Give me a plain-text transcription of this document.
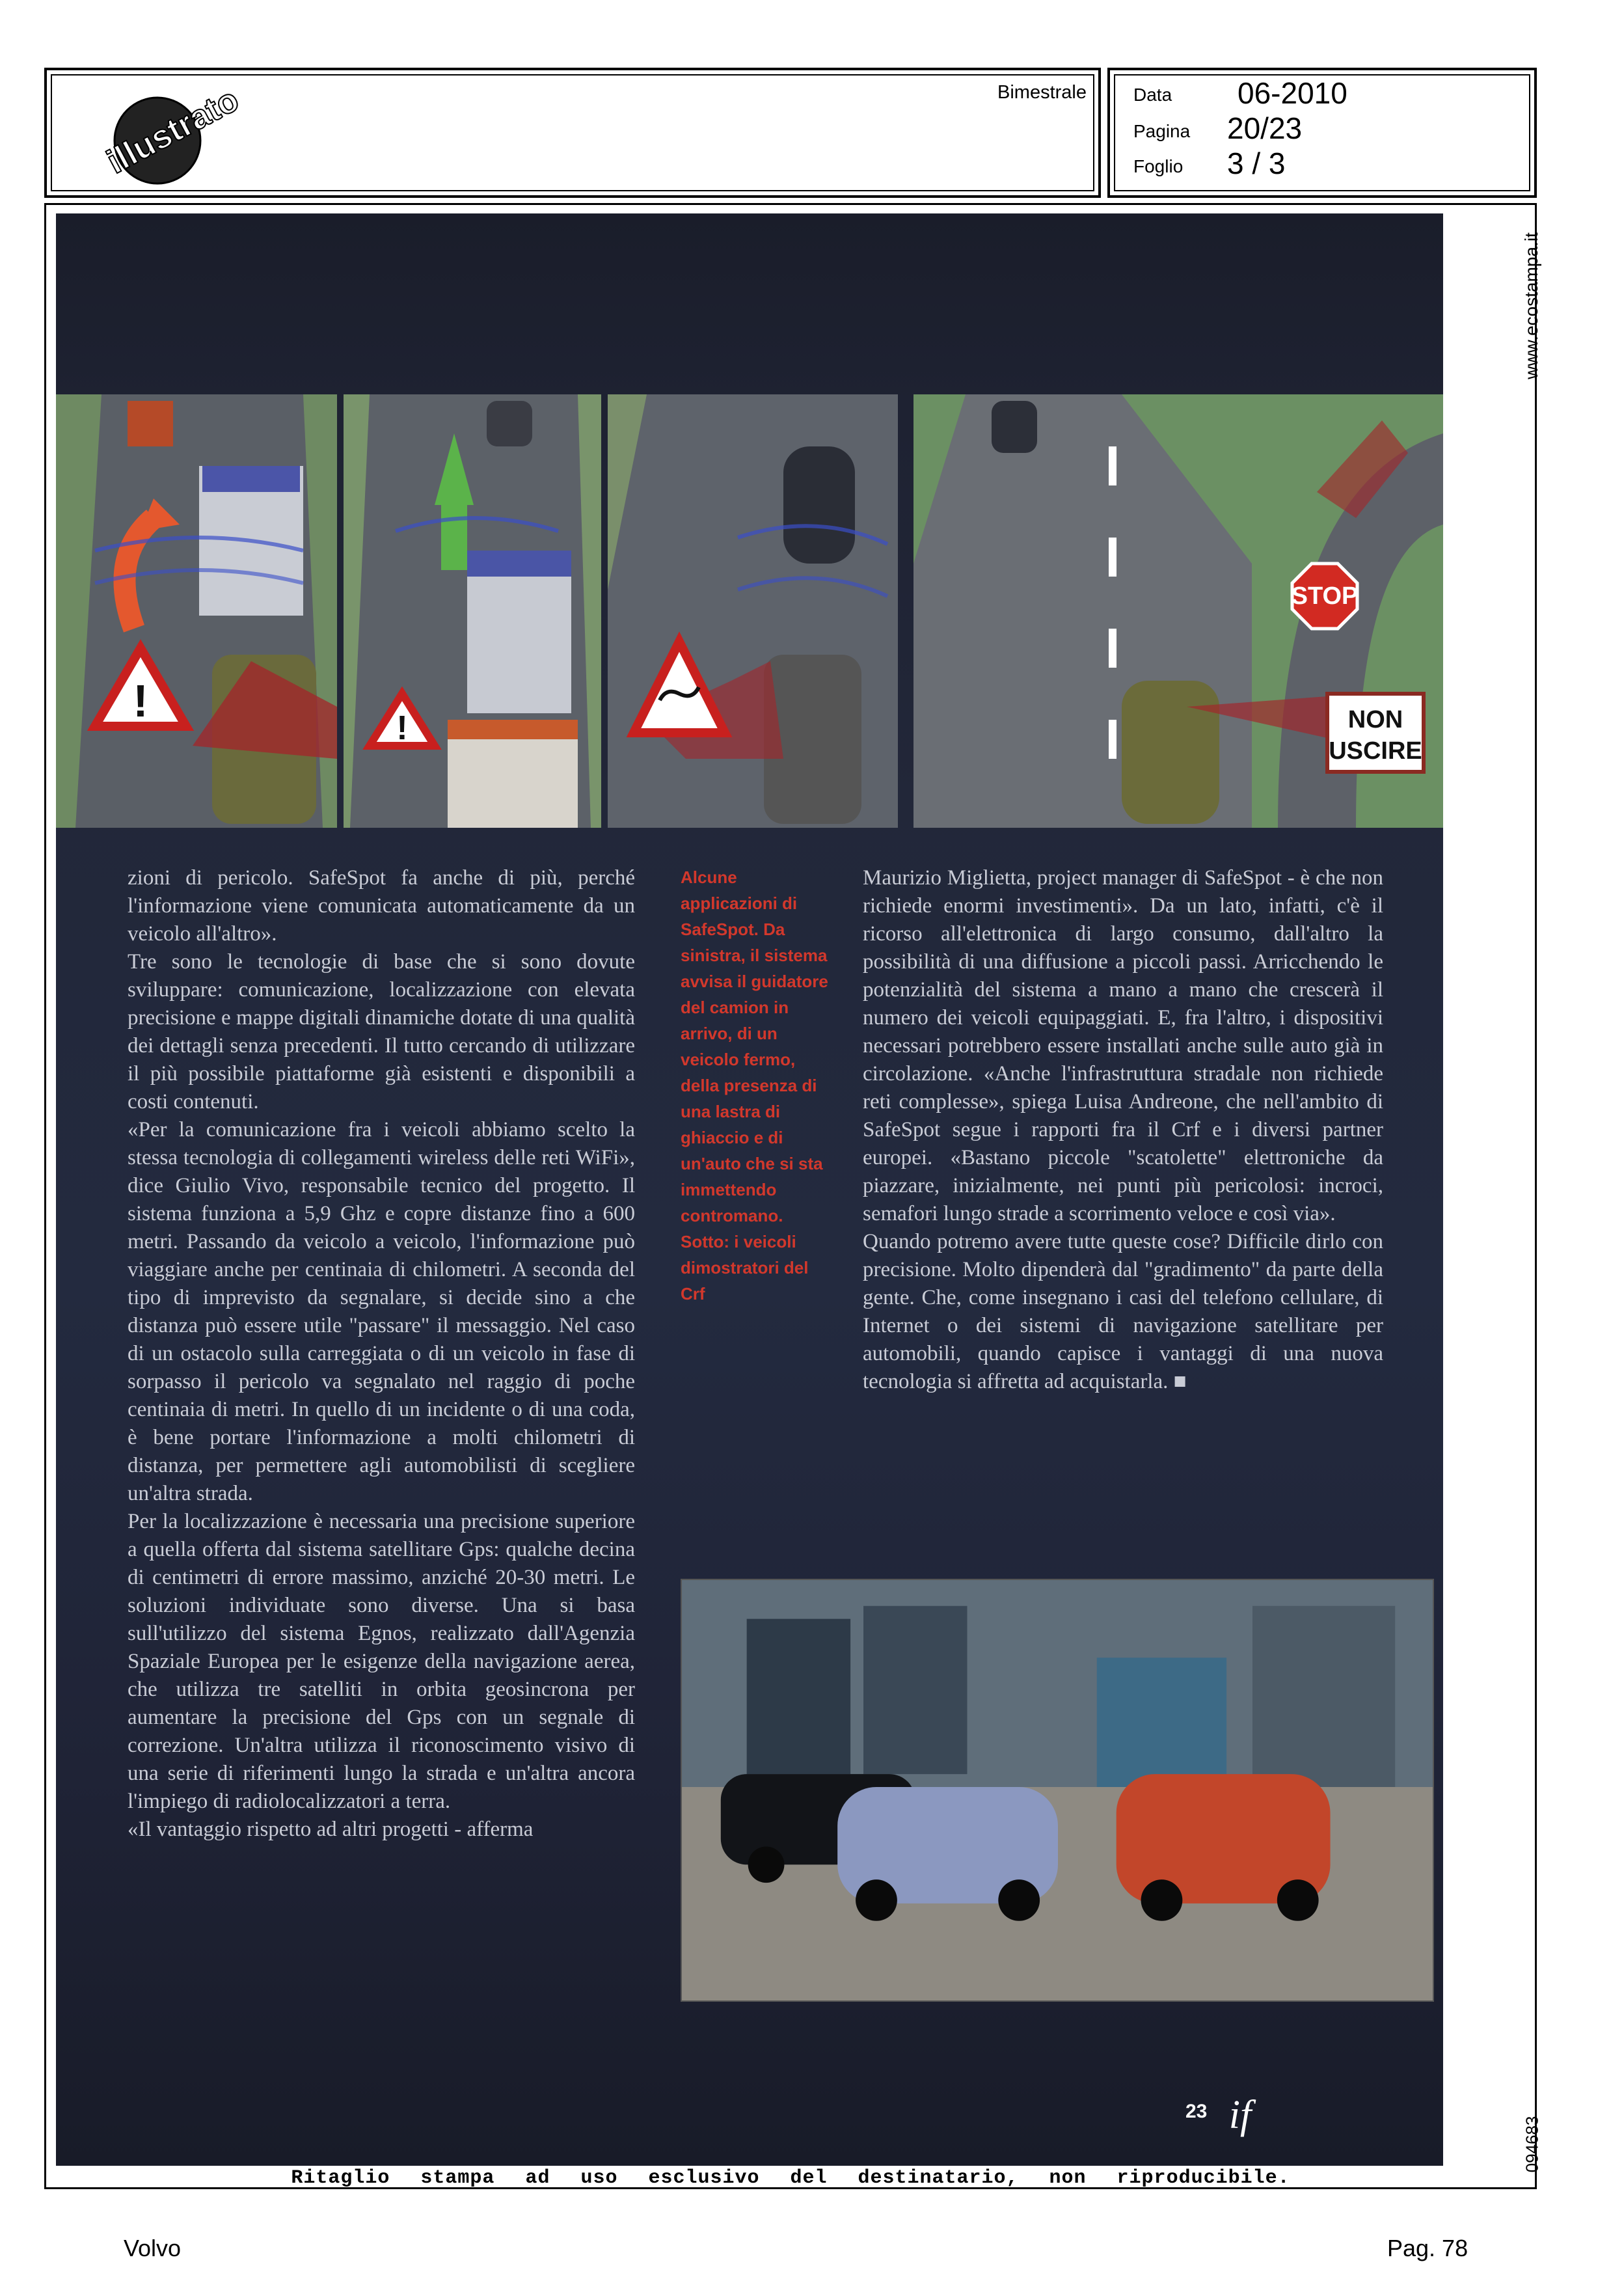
illustrato	Bimestrale	Data 06-2010
Pagina 20/23
Foglio 3 / 3
www.ecostampa.it
094683
!
!
STOP
NON
USCIRE

zioni di pericolo. SafeSpot fa anche di più, perché l'informazione viene comunicata automaticamente da un veicolo all'altro».

Tre sono le tecnologie di base che si sono dovute sviluppare: comunicazione, localizzazione con elevata precisione e mappe digitali dinamiche dotate di una qualità dei dettagli senza precedenti. Il tutto cercando di utilizzare il più possibile piattaforme già esistenti e disponibili a costi contenuti.

«Per la comunicazione fra i veicoli abbiamo scelto la stessa tecnologia di collegamenti wireless delle reti WiFi», dice Giulio Vivo, responsabile tecnico del progetto. Il sistema funziona a 5,9 Ghz e copre distanze fino a 600 metri. Passando da veicolo a veicolo, l'informazione può viaggiare anche per centinaia di chilometri. A seconda del tipo di imprevisto da segnalare, si decide sino a che distanza può essere utile "passare" il messaggio. Nel caso di un ostacolo sulla carreggiata o di un veicolo in fase di sorpasso il pericolo va segnalato nel raggio di poche centinaia di metri. In quello di un incidente o di una coda, è bene portare l'informazione a molti chilometri di distanza, per permettere agli automobilisti di scegliere un'altra strada.

Per la localizzazione è necessaria una precisione superiore a quella offerta dal sistema satellitare Gps: qualche decina di centimetri di errore massimo, anziché 20-30 metri. Le soluzioni individuate sono diverse. Una si basa sull'utilizzo del sistema Egnos, realizzato dall'Agenzia Spaziale Europea per le esigenze della navigazione aerea, che utilizza tre satelliti in orbita geosincrona per aumentare la precisione del Gps con un segnale di correzione. Un'altra utilizza il riconoscimento visivo di una serie di riferimenti lungo la strada e un'altra ancora l'impiego di radiolocalizzatori a terra.

«Il vantaggio rispetto ad altri progetti - afferma

Alcune applicazioni di SafeSpot. Da sinistra, il sistema avvisa il guidatore del camion in arrivo, di un veicolo fermo, della presenza di una lastra di ghiaccio e di un'auto che si sta immettendo contromano. Sotto: i veicoli dimostratori del Crf

Maurizio Miglietta, project manager di SafeSpot - è che non richiede enormi investimenti». Da un lato, infatti, c'è il ricorso all'elettronica di largo consumo, dall'altro la possibilità di una diffusione a piccoli passi. Arricchendo le potenzialità del sistema a mano a mano che crescerà il numero dei veicoli equipaggiati. E, fra l'altro, i dispositivi necessari potrebbero essere installati anche sulle auto già in circolazione. «Anche l'infrastruttura stradale non richiede reti complesse», spiega Luisa Andreone, che nell'ambito di SafeSpot segue i rapporti fra il Crf e i diversi partner europei. «Bastano piccole "scatolette" elettroniche da piazzare, inizialmente, nei punti più pericolosi: incroci, semafori lungo strade a scorrimento veloce e così via».

Quando potremo avere tutte queste cose? Difficile dirlo con precisione. Molto dipenderà dal "gradimento" da parte della gente. Che, come insegnano i casi del telefono cellulare, di Internet o dei sistemi di navigazione satellitare per automobili, quando capisce i vantaggi di una nuova tecnologia si affretta ad acquistarla. ■

23 if
Ritaglio stampa ad uso esclusivo del destinatario, non riproducibile.
Volvo	Pag. 78
